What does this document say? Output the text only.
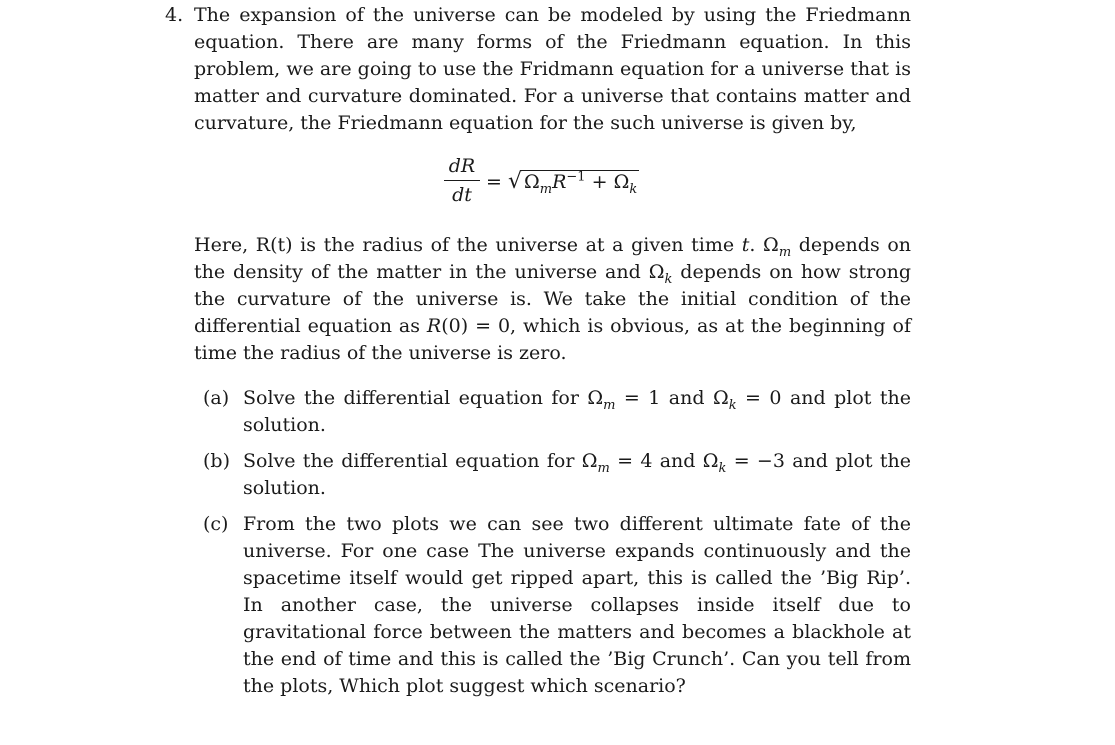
4. The expansion of the universe can be modeled by using the Friedmann equation. There are many forms of the Friedmann equation. In this problem, we are going to use the Fridmann equation for a universe that is matter and curvature dominated. For a universe that contains matter and curvature, the Friedmann equation for the such universe is given by,

dR
dt
= √ $\Omega_mR^{-1} + \Omega_k$

Here, R(t) is the radius of the universe at a given time t. $\Omega_m$ depends on the density of the matter in the universe and $\Omega_k$ depends on how strong the curvature of the universe is. We take the initial condition of the differential equation as R(0) = 0, which is obvious, as at the beginning of time the radius of the universe is zero.

(a) Solve the differential equation for $\Omega_m = 1$ and $\Omega_k = 0$ and plot the solution.

(b) Solve the differential equation for $\Omega_m = 4$ and $\Omega_k = -3$ and plot the solution.

(c) From the two plots we can see two different ultimate fate of the universe. For one case The universe expands continuously and the spacetime itself would get ripped apart, this is called the ’Big Rip’. In another case, the universe collapses inside itself due to gravitational force between the matters and becomes a blackhole at the end of time and this is called the ’Big Crunch’. Can you tell from the plots, Which plot suggest which scenario?
